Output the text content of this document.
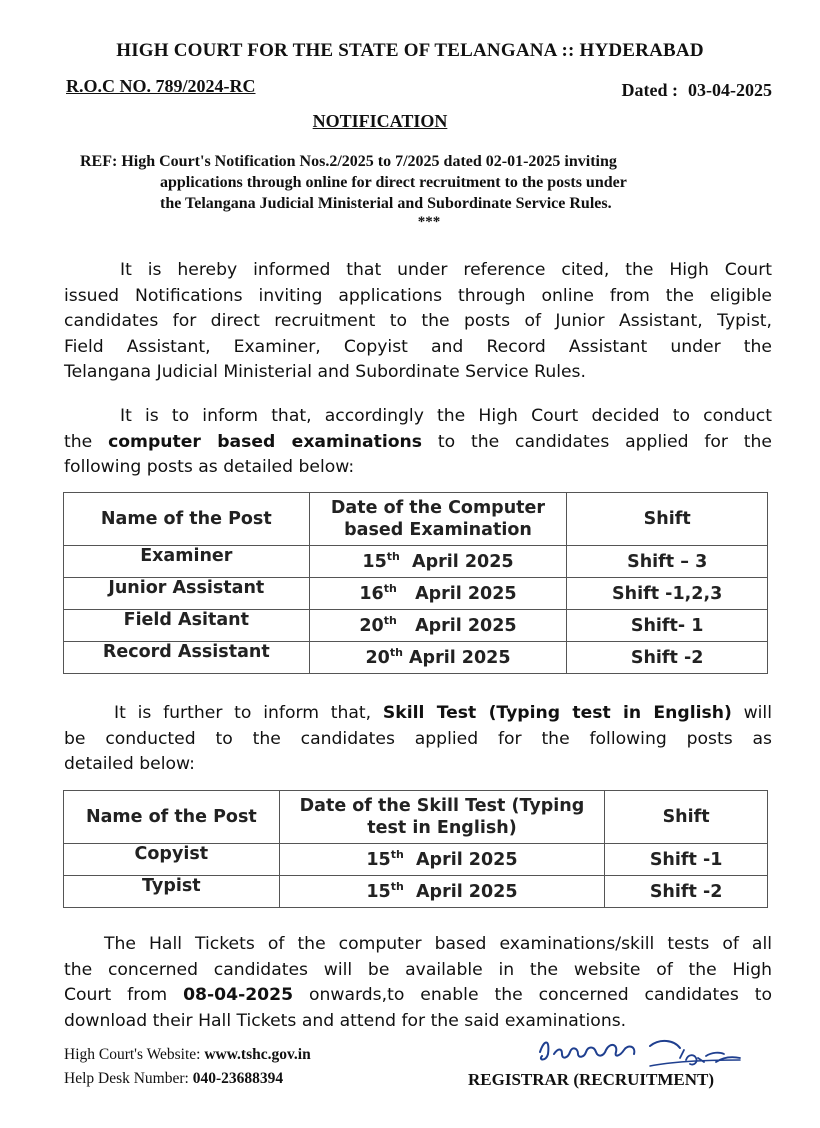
HIGH COURT FOR THE STATE OF TELANGANA :: HYDERABAD
R.O.C NO. 789/2024-RC	Dated : 03-04-2025
NOTIFICATION
REF: High Court's Notification Nos.2/2025 to 7/2025 dated 02-01-2025 inviting
applications through online for direct recruitment to the posts under
the Telangana Judicial Ministerial and Subordinate Service Rules.
***
It is hereby informed that under reference cited, the High Court
issued Notifications inviting applications through online from the eligible
candidates for direct recruitment to the posts of Junior Assistant, Typist,
Field Assistant, Examiner, Copyist and Record Assistant under the
Telangana Judicial Ministerial and Subordinate Service Rules.
It is to inform that, accordingly the High Court decided to conduct
the computer based examinations to the candidates applied for the
following posts as detailed below:
Name of the Post	Date of the Computer based Examination	Shift
Examiner	15th April 2025	Shift – 3
Junior Assistant	16th April 2025	Shift -1,2,3
Field Asitant	20th April 2025	Shift- 1
Record Assistant	20th April 2025	Shift -2
It is further to inform that, Skill Test (Typing test in English) will
be conducted to the candidates applied for the following posts as
detailed below:
Name of the Post	Date of the Skill Test (Typing test in English)	Shift
Copyist	15th April 2025	Shift -1
Typist	15th April 2025	Shift -2
The Hall Tickets of the computer based examinations/skill tests of all
the concerned candidates will be available in the website of the High
Court from 08-04-2025 onwards,to enable the concerned candidates to
download their Hall Tickets and attend for the said examinations.
High Court's Website: www.tshc.gov.in
Help Desk Number: 040-23688394	REGISTRAR (RECRUITMENT)
